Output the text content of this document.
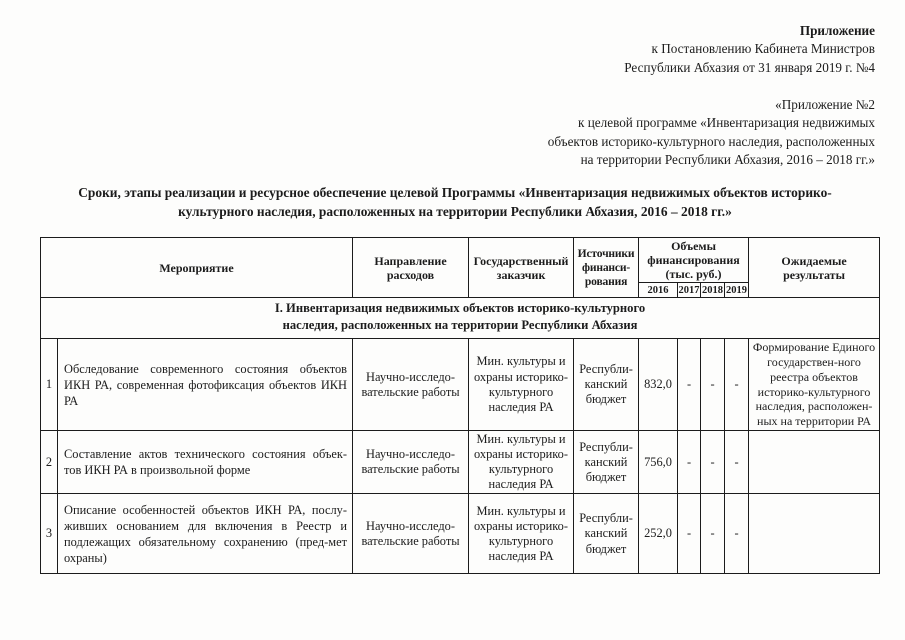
Приложение
к Постановлению Кабинета Министров
Республики Абхазия от 31 января 2019 г. №4
«Приложение №2
к целевой программе «Инвентаризация недвижимых
объектов историко-культурного наследия, расположенных
на территории Республики Абхазия, 2016 – 2018 гг.»
Сроки, этапы реализации и ресурсное обеспечение целевой Программы «Инвентаризация недвижимых объектов историко-культурного наследия, расположенных на территории Республики Абхазия, 2016 – 2018 гг.»
Мероприятие		Направление расходов	Государственный заказчик	Источники финанси-рования	Объемы финансирования (тыс. руб.)				Ожидаемые результаты
					2016	2017	2018	2019	

I. Инвентаризация недвижимых объектов историко-культурного
наследия, расположенных на территории Республики Абхазия									

1	Обследование современного состояния объектов ИКН РА, современная фотофиксация объектов ИКН РА	Научно-исследо-вательские работы	Мин. культуры и охраны историко-культурного наследия РА	Республи-канский бюджет	832,0	-	-	-	Формирование Единого государствен-ного реестра объектов историко-культурного наследия, расположен-ных на территории РА
2	Составление актов технического состояния объек-тов ИКН РА в произвольной форме	Научно-исследо-вательские работы	Мин. культуры и охраны историко-культурного наследия РА	Республи-канский бюджет	756,0	-	-	-	
3	Описание особенностей объектов ИКН РА, послу-живших основанием для включения в Реестр и подлежащих обязательному сохранению (пред-мет охраны)	Научно-исследо-вательские работы	Мин. культуры и охраны историко-культурного наследия РА	Республи-канский бюджет	252,0	-	-	-	
